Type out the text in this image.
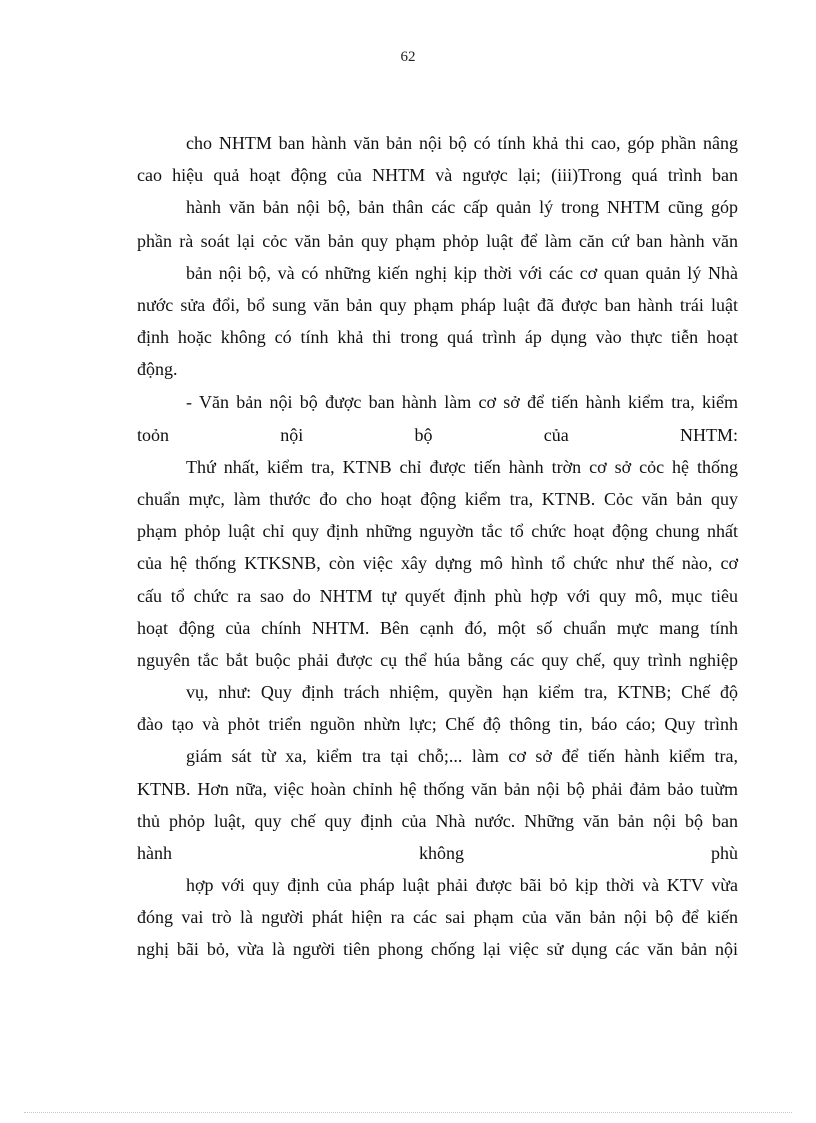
62
cho NHTM ban hành văn bản nội bộ có tính khả thi cao, góp phần nâng
cao hiệu quả hoạt động của NHTM và ngược lại; (iii)Trong quá trình ban
hành văn bản nội bộ, bản thân các cấp quản lý trong NHTM cũng góp
phần rà soát lại cỏc văn bản quy phạm phỏp luật để làm căn cứ ban hành văn
bản nội bộ, và có những kiến nghị kịp thời với các cơ quan quản lý Nhà
nước sửa đổi, bổ sung văn bản quy phạm pháp luật đã được ban hành trái luật
định hoặc không có tính khả thi trong quá trình áp dụng vào thực tiễn hoạt
động.
- Văn bản nội bộ được ban hành làm cơ sở để tiến hành kiểm tra, kiểm
toỏn nội bộ của NHTM:
Thứ nhất, kiểm tra, KTNB chỉ được tiến hành trờn cơ sở cỏc hệ thống
chuẩn mực, làm thước đo cho hoạt động kiểm tra, KTNB. Cỏc văn bản quy
phạm phỏp luật chỉ quy định những nguyờn tắc tổ chức hoạt động chung nhất
của hệ thống KTKSNB, còn việc xây dựng mô hình tổ chức như thế nào, cơ
cấu tổ chức ra sao do NHTM tự quyết định phù hợp với quy mô, mục tiêu
hoạt động của chính NHTM. Bên cạnh đó, một số chuẩn mực mang tính
nguyên tắc bắt buộc phải được cụ thể húa bằng các quy chế, quy trình nghiệp
vụ, như: Quy định trách nhiệm, quyền hạn kiểm tra, KTNB; Chế độ
đào tạo và phỏt triển nguồn nhừn lực; Chế độ thông tin, báo cáo; Quy trình
giám sát từ xa, kiểm tra tại chỗ;... làm cơ sở để tiến hành kiểm tra,
KTNB. Hơn nữa, việc hoàn chỉnh hệ thống văn bản nội bộ phải đảm bảo tuừm
thủ phỏp luật, quy chế quy định của Nhà nước. Những văn bản nội bộ ban
hành không phù
hợp với quy định của pháp luật phải được bãi bỏ kịp thời và KTV vừa
đóng vai trò là người phát hiện ra các sai phạm của văn bản nội bộ để kiến
nghị bãi bỏ, vừa là người tiên phong chống lại việc sử dụng các văn bản nội
